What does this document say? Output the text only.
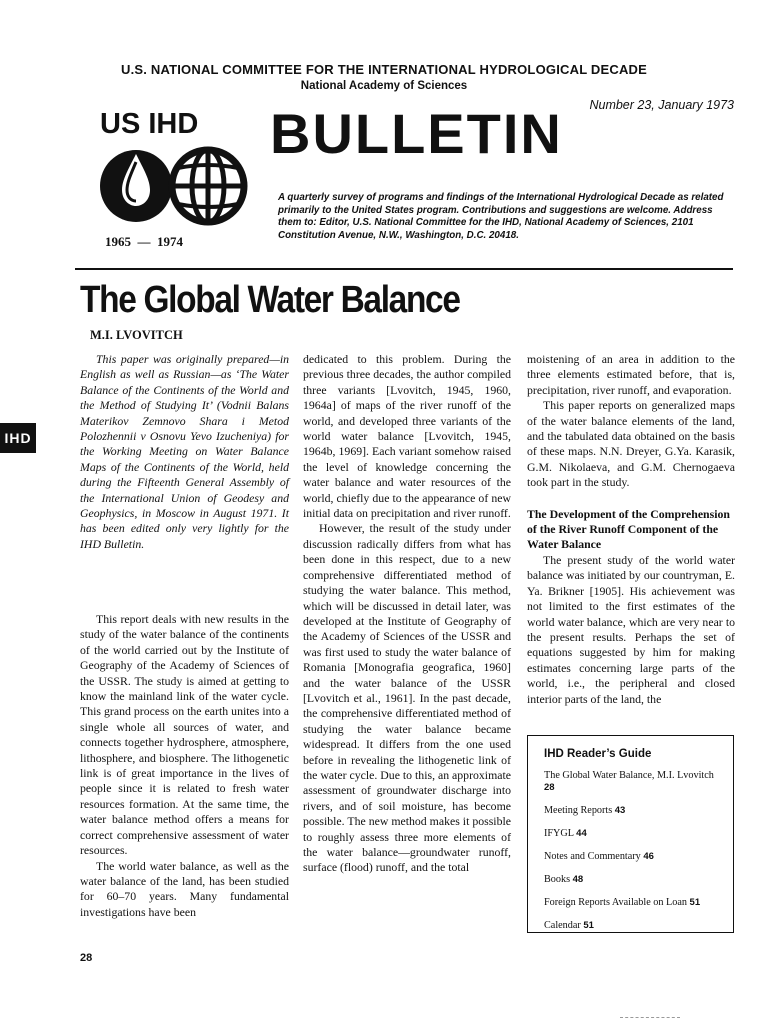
U.S. NATIONAL COMMITTEE FOR THE INTERNATIONAL HYDROLOGICAL DECADE
National Academy of Sciences
Number 23, January 1973
US IHD
1965  —  1974
BULLETIN
A quarterly survey of programs and findings of the International Hydrological Decade as related primarily to the United States program. Contributions and suggestions are welcome. Address them to: Editor, U.S. National Committee for the IHD, National Academy of Sciences, 2101 Constitution Avenue, N.W., Washington, D.C. 20418.
The Global Water Balance
M.I. LVOVITCH
IHD

This paper was originally prepared—in English as well as Russian—as ‘The Water Balance of the Continents of the World and the Method of Studying It’ (Vodnii Balans Materikov Zemnovo Shara i Metod Polozhennii v Osnovu Yevo Izucheniya) for the Working Meeting on Water Balance Maps of the Continents of the World, held during the Fifteenth General Assembly of the International Union of Geodesy and Geophysics, in Moscow in August 1971. It has been edited only very lightly for the IHD Bulletin.

This report deals with new results in the study of the water balance of the continents of the world carried out by the Institute of Geography of the Academy of Sciences of the USSR. The study is aimed at getting to know the mainland link of the water cycle. This grand process on the earth unites into a single whole all sources of water, and connects together hydrosphere, atmosphere, lithosphere, and biosphere. The lithogenetic link is of great importance in the lives of people since it is related to fresh water resources formation. At the same time, the water balance method offers a means for correct comprehensive assessment of water resources.

The world water balance, as well as the water balance of the land, has been studied for 60–70 years. Many fundamental investigations have been

dedicated to this problem. During the previous three decades, the author compiled three variants [Lvovitch, 1945, 1960, 1964a] of maps of the river runoff of the world, and developed three variants of the world water balance [Lvovitch, 1945, 1964b, 1969]. Each variant somehow raised the level of knowledge concerning the water balance and water resources of the world, chiefly due to the appearance of new initial data on precipitation and river runoff.

However, the result of the study under discussion radically differs from what has been done in this respect, due to a new comprehensive differentiated method of studying the water balance. This method, which will be discussed in detail later, was developed at the Institute of Geography of the Academy of Sciences of the USSR and was first used to study the water balance of Romania [Monografia geografica, 1960] and the water balance of the USSR [Lvovitch et al., 1961]. In the past decade, the comprehensive differentiated method of studying the water balance became widespread. It differs from the one used before in revealing the lithogenetic link of the water cycle. Due to this, an approximate assessment of groundwater discharge into rivers, and of soil moisture, has become possible. The new method makes it possible to roughly assess three more elements of the water balance—groundwater runoff, surface (flood) runoff, and the total

moistening of an area in addition to the three elements estimated before, that is, precipitation, river runoff, and evaporation.

This paper reports on generalized maps of the water balance elements of the land, and the tabulated data obtained on the basis of these maps. N.N. Dreyer, G.Ya. Karasik, G.M. Nikolaeva, and G.M. Chernogaeva took part in the study.

The Development of the Comprehension of the River Runoff Component of the Water Balance

The present study of the world water balance was initiated by our countryman, E. Ya. Brikner [1905]. His achievement was not limited to the first estimates of the world water balance, which are very near to the present results. Perhaps the set of equations suggested by him for making estimates concerning large parts of the world, i.e., the peripheral and closed interior parts of the land, the

IHD Reader’s Guide
The Global Water Balance, M.I. Lvovitch 28
Meeting Reports 43
IFYGL 44
Notes and Commentary 46
Books 48
Foreign Reports Available on Loan 51
Calendar 51
28
